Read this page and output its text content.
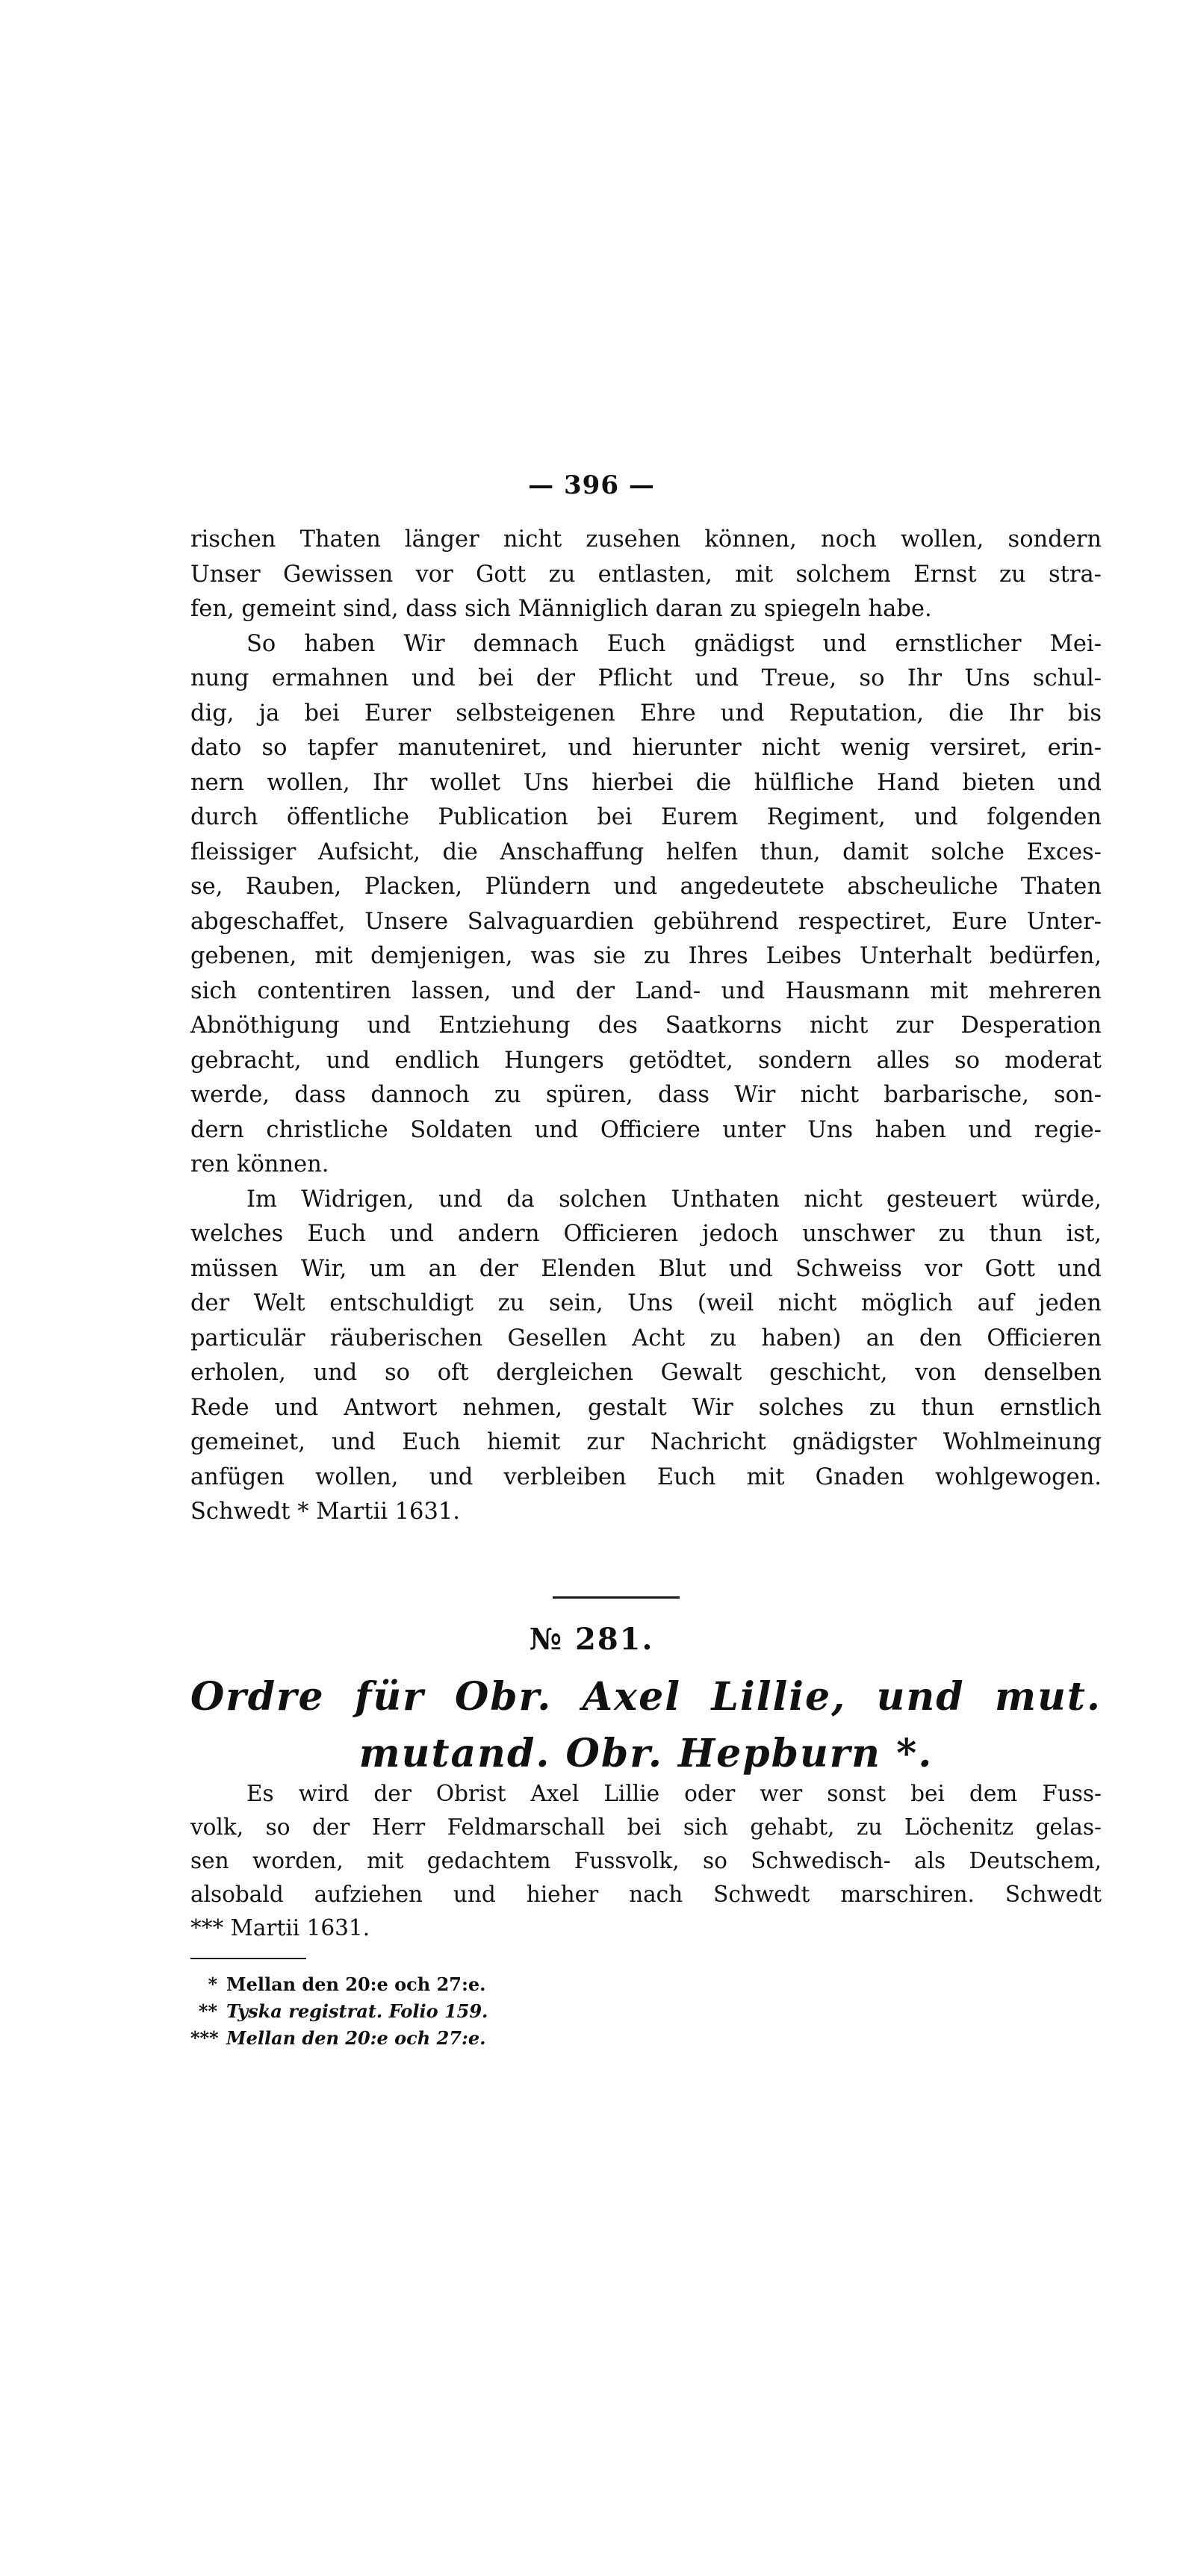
— 396 —
rischen Thaten länger nicht zusehen können, noch wollen, sondern
Unser Gewissen vor Gott zu entlasten, mit solchem Ernst zu stra-
fen, gemeint sind, dass sich Männiglich daran zu spiegeln habe.
So haben Wir demnach Euch gnädigst und ernstlicher Mei-
nung ermahnen und bei der Pflicht und Treue, so Ihr Uns schul-
dig, ja bei Eurer selbsteigenen Ehre und Reputation, die Ihr bis
dato so tapfer manuteniret, und hierunter nicht wenig versiret, erin-
nern wollen, Ihr wollet Uns hierbei die hülfliche Hand bieten und
durch öffentliche Publication bei Eurem Regiment, und folgenden
fleissiger Aufsicht, die Anschaffung helfen thun, damit solche Exces-
se, Rauben, Placken, Plündern und angedeutete abscheuliche Thaten
abgeschaffet, Unsere Salvaguardien gebührend respectiret, Eure Unter-
gebenen, mit demjenigen, was sie zu Ihres Leibes Unterhalt bedürfen,
sich contentiren lassen, und der Land- und Hausmann mit mehreren
Abnöthigung und Entziehung des Saatkorns nicht zur Desperation
gebracht, und endlich Hungers getödtet, sondern alles so moderat
werde, dass dannoch zu spüren, dass Wir nicht barbarische, son-
dern christliche Soldaten und Officiere unter Uns haben und regie-
ren können.
Im Widrigen, und da solchen Unthaten nicht gesteuert würde,
welches Euch und andern Officieren jedoch unschwer zu thun ist,
müssen Wir, um an der Elenden Blut und Schweiss vor Gott und
der Welt entschuldigt zu sein, Uns (weil nicht möglich auf jeden
particulär räuberischen Gesellen Acht zu haben) an den Officieren
erholen, und so oft dergleichen Gewalt geschicht, von denselben
Rede und Antwort nehmen, gestalt Wir solches zu thun ernstlich
gemeinet, und Euch hiemit zur Nachricht gnädigster Wohlmeinung
anfügen wollen, und verbleiben Euch mit Gnaden wohlgewogen.
Schwedt * Martii 1631.
№ 281.
Ordre für Obr. Axel Lillie, und mut.
mutand. Obr. Hepburn *.
Es wird der Obrist Axel Lillie oder wer sonst bei dem Fuss-
volk, so der Herr Feldmarschall bei sich gehabt, zu Löchenitz gelas-
sen worden, mit gedachtem Fussvolk, so Schwedisch- als Deutschem,
alsobald aufziehen und hieher nach Schwedt marschiren. Schwedt
*** Martii 1631.
* Mellan den 20:e och 27:e.
** Tyska registrat. Folio 159.
*** Mellan den 20:e och 27:e.
